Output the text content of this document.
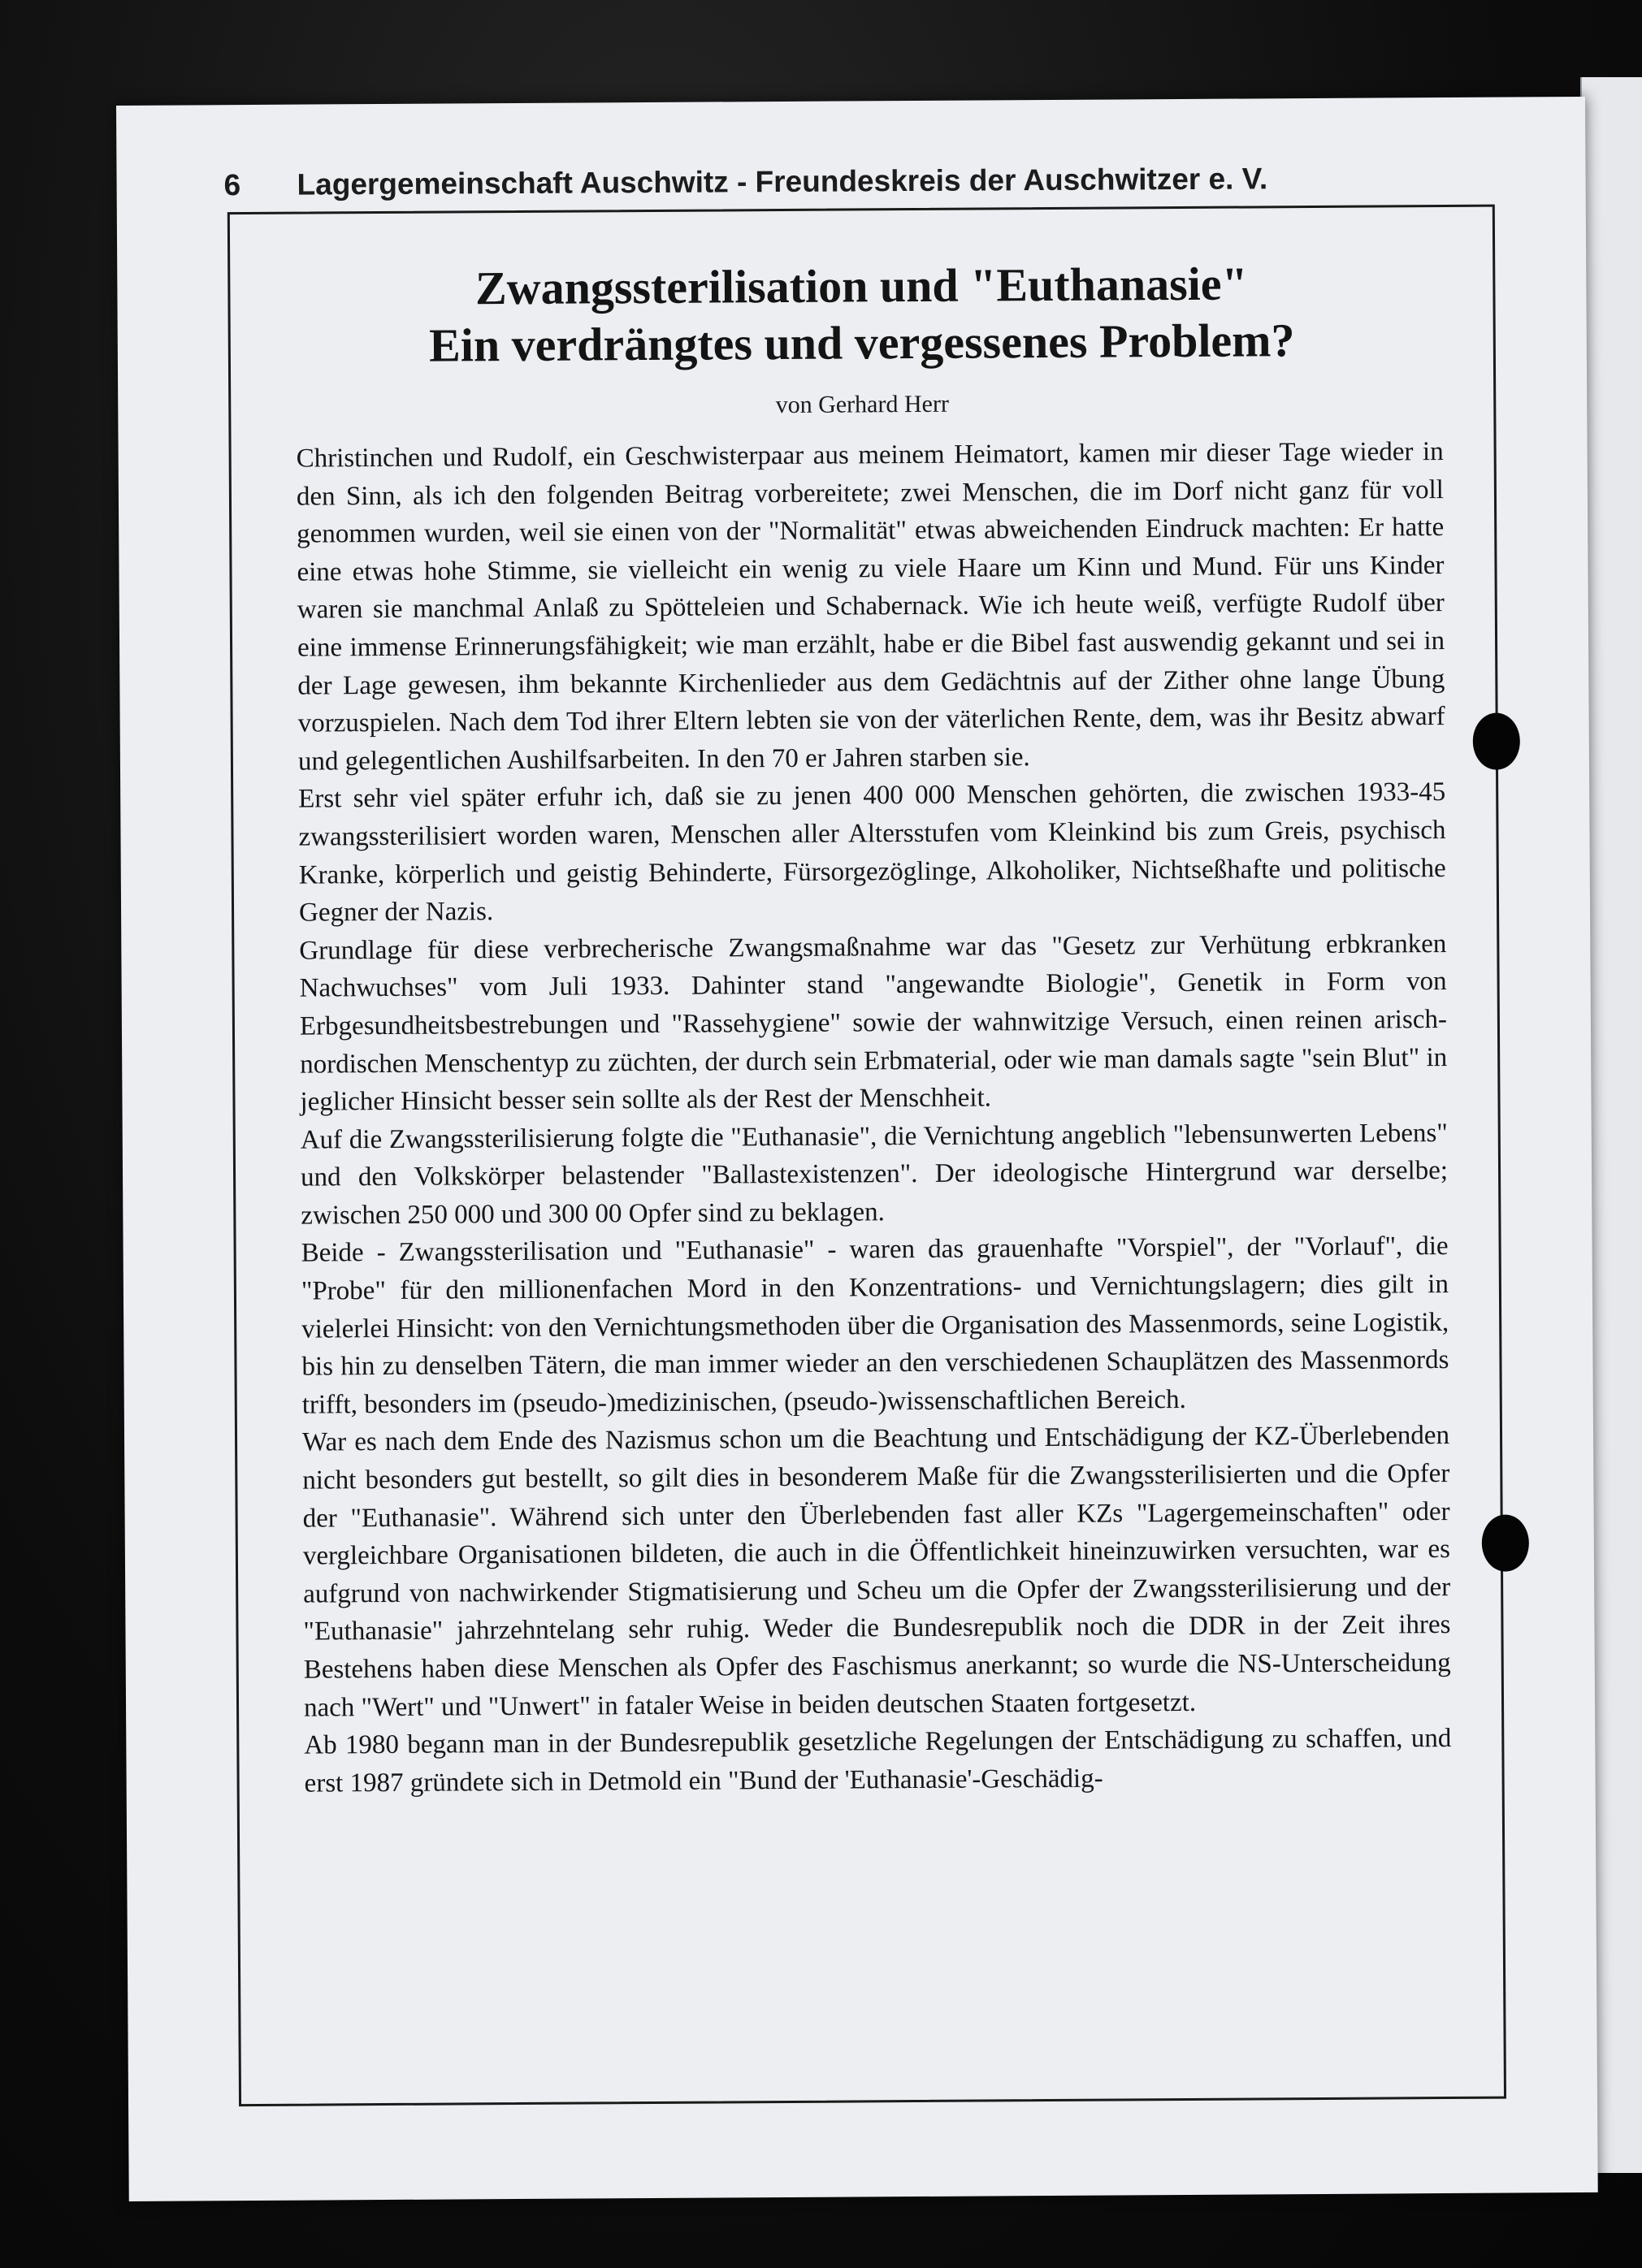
6 Lagergemeinschaft Auschwitz - Freundeskreis der Auschwitzer e. V.
Zwangssterilisation und "Euthanasie"
Ein verdrängtes und vergessenes Problem?
von Gerhard Herr

Christinchen und Rudolf, ein Geschwisterpaar aus meinem Heimatort, kamen mir dieser Tage wieder in den Sinn, als ich den folgenden Beitrag vorbereitete; zwei Menschen, die im Dorf nicht ganz für voll genommen wurden, weil sie einen von der "Normalität" etwas abweichenden Eindruck machten: Er hatte eine etwas hohe Stimme, sie vielleicht ein wenig zu viele Haare um Kinn und Mund. Für uns Kinder waren sie manchmal Anlaß zu Spötteleien und Schabernack. Wie ich heute weiß, verfügte Rudolf über eine immense Erinnerungsfähigkeit; wie man erzählt, habe er die Bibel fast auswendig gekannt und sei in der Lage gewesen, ihm bekannte Kirchenlieder aus dem Gedächtnis auf der Zither ohne lange Übung vorzuspielen. Nach dem Tod ihrer Eltern lebten sie von der väterlichen Rente, dem, was ihr Besitz abwarf und gelegentlichen Aushilfsarbeiten. In den 70 er Jahren starben sie.

Erst sehr viel später erfuhr ich, daß sie zu jenen 400 000 Menschen gehörten, die zwischen 1933-45 zwangssterilisiert worden waren, Menschen aller Altersstufen vom Kleinkind bis zum Greis, psychisch Kranke, körperlich und geistig Behinderte, Fürsorgezöglinge, Alkoholiker, Nichtseßhafte und politische Gegner der Nazis.

Grundlage für diese verbrecherische Zwangsmaßnahme war das "Gesetz zur Verhütung erbkranken Nachwuchses" vom Juli 1933. Dahinter stand "angewandte Biologie", Genetik in Form von Erbgesundheitsbestrebungen und "Rassehygiene" sowie der wahnwitzige Versuch, einen reinen arisch-nordischen Menschentyp zu züchten, der durch sein Erbmaterial, oder wie man damals sagte "sein Blut" in jeglicher Hinsicht besser sein sollte als der Rest der Menschheit.

Auf die Zwangssterilisierung folgte die "Euthanasie", die Vernichtung angeblich "lebensunwerten Lebens" und den Volkskörper belastender "Ballastexistenzen". Der ideologische Hintergrund war derselbe; zwischen 250 000 und 300 00 Opfer sind zu beklagen.

Beide - Zwangssterilisation und "Euthanasie" - waren das grauenhafte "Vorspiel", der "Vorlauf", die "Probe" für den millionenfachen Mord in den Konzentrations- und Vernichtungslagern; dies gilt in vielerlei Hinsicht: von den Vernichtungsmethoden über die Organisation des Massenmords, seine Logistik, bis hin zu denselben Tätern, die man immer wieder an den verschiedenen Schauplätzen des Massenmords trifft, besonders im (pseudo-)medizinischen, (pseudo-)wissenschaftlichen Bereich.

War es nach dem Ende des Nazismus schon um die Beachtung und Entschädigung der KZ-Überlebenden nicht besonders gut bestellt, so gilt dies in besonderem Maße für die Zwangssterilisierten und die Opfer der "Euthanasie". Während sich unter den Überlebenden fast aller KZs "Lagergemeinschaften" oder vergleichbare Organisationen bildeten, die auch in die Öffentlichkeit hineinzuwirken versuchten, war es aufgrund von nachwirkender Stigmatisierung und Scheu um die Opfer der Zwangssterilisierung und der "Euthanasie" jahrzehntelang sehr ruhig. Weder die Bundesrepublik noch die DDR in der Zeit ihres Bestehens haben diese Menschen als Opfer des Faschismus anerkannt; so wurde die NS-Unterscheidung nach "Wert" und "Unwert" in fataler Weise in beiden deutschen Staaten fortgesetzt.

Ab 1980 begann man in der Bundesrepublik gesetzliche Regelungen der Entschädigung zu schaffen, und erst 1987 gründete sich in Detmold ein "Bund der 'Euthanasie'-Geschädig-
